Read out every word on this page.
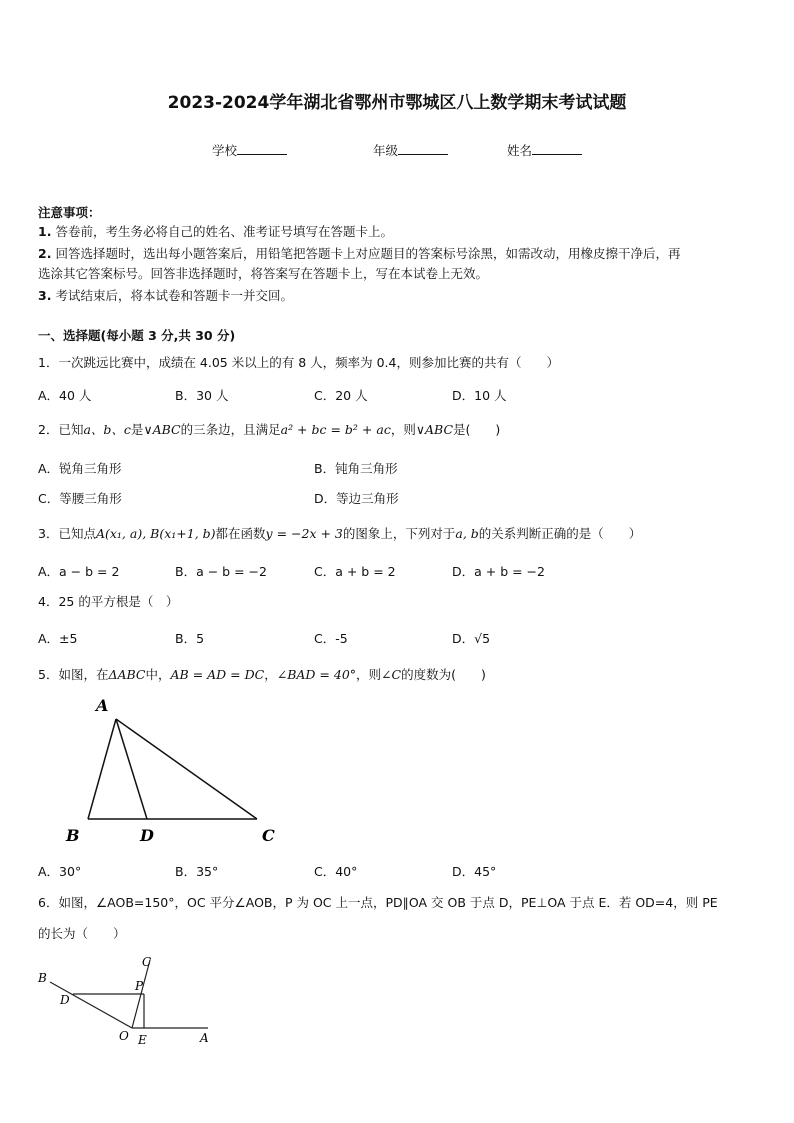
2023-2024学年湖北省鄂州市鄂城区八上数学期末考试试题
学校	年级	姓名
注意事项：
1. 答卷前，考生务必将自己的姓名、准考证号填写在答题卡上。
2. 回答选择题时，选出每小题答案后，用铅笔把答题卡上对应题目的答案标号涂黑，如需改动，用橡皮擦干净后，再
选涂其它答案标号。回答非选择题时，将答案写在答题卡上，写在本试卷上无效。
3. 考试结束后，将本试卷和答题卡一并交回。
一、选择题(每小题 3 分,共 30 分)
1．一次跳远比赛中，成绩在 4.05 米以上的有 8 人，频率为 0.4，则参加比赛的共有（　　）
A．40 人	B．30 人	C．20 人	D．10 人
2．已知a、b、c是∨ABC的三条边，且满足a² + bc = b² + ac，则∨ABC是(　　)
A．锐角三角形	B．钝角三角形
C．等腰三角形	D．等边三角形
3．已知点A(x₁, a), B(x₁+1, b)都在函数y = −2x + 3的图象上，下列对于a, b的关系判断正确的是（　　）
A．a − b = 2	B．a − b = −2	C．a + b = 2	D．a + b = −2
4．25 的平方根是（　）
A．±5	B．5	C．-5	D．√5
5．如图，在ΔABC中，AB = AD = DC，∠BAD = 40°，则∠C的度数为(　　)
A
B	D	C
A．30°	B．35°	C．40°	D．45°
6．如图，∠AOB=150°，OC 平分∠AOB，P 为 OC 上一点，PD∥OA 交 OB 于点 D，PE⊥OA 于点 E．若 OD=4，则 PE
的长为（　　）
B
C
D
P
O E	A
